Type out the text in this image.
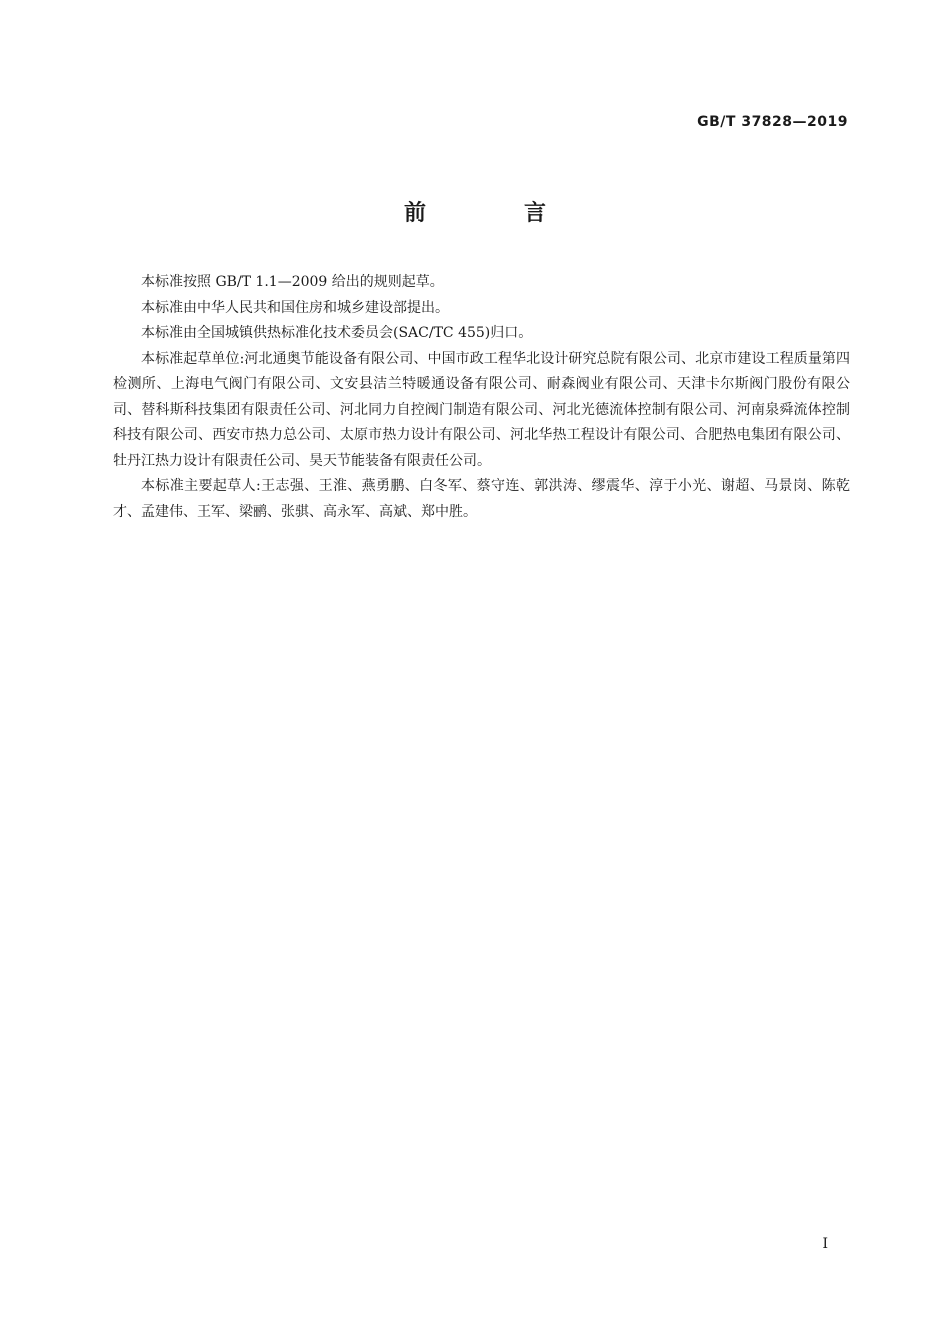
GB/T 37828—2019
前　言

本标准按照 GB/T 1.1—2009 给出的规则起草。

本标准由中华人民共和国住房和城乡建设部提出。

本标准由全国城镇供热标准化技术委员会(SAC/TC 455)归口。

本标准起草单位:河北通奥节能设备有限公司、中国市政工程华北设计研究总院有限公司、北京市建设工程质量第四检测所、上海电气阀门有限公司、文安县洁兰特暖通设备有限公司、耐森阀业有限公司、天津卡尔斯阀门股份有限公司、替科斯科技集团有限责任公司、河北同力自控阀门制造有限公司、河北光德流体控制有限公司、河南泉舜流体控制科技有限公司、西安市热力总公司、太原市热力设计有限公司、河北华热工程设计有限公司、合肥热电集团有限公司、牡丹江热力设计有限责任公司、昊天节能装备有限责任公司。

本标准主要起草人:王志强、王淮、燕勇鹏、白冬军、蔡守连、郭洪涛、缪震华、淳于小光、谢超、马景岗、陈乾才、孟建伟、王军、梁鹂、张骐、高永军、高斌、郑中胜。

I
